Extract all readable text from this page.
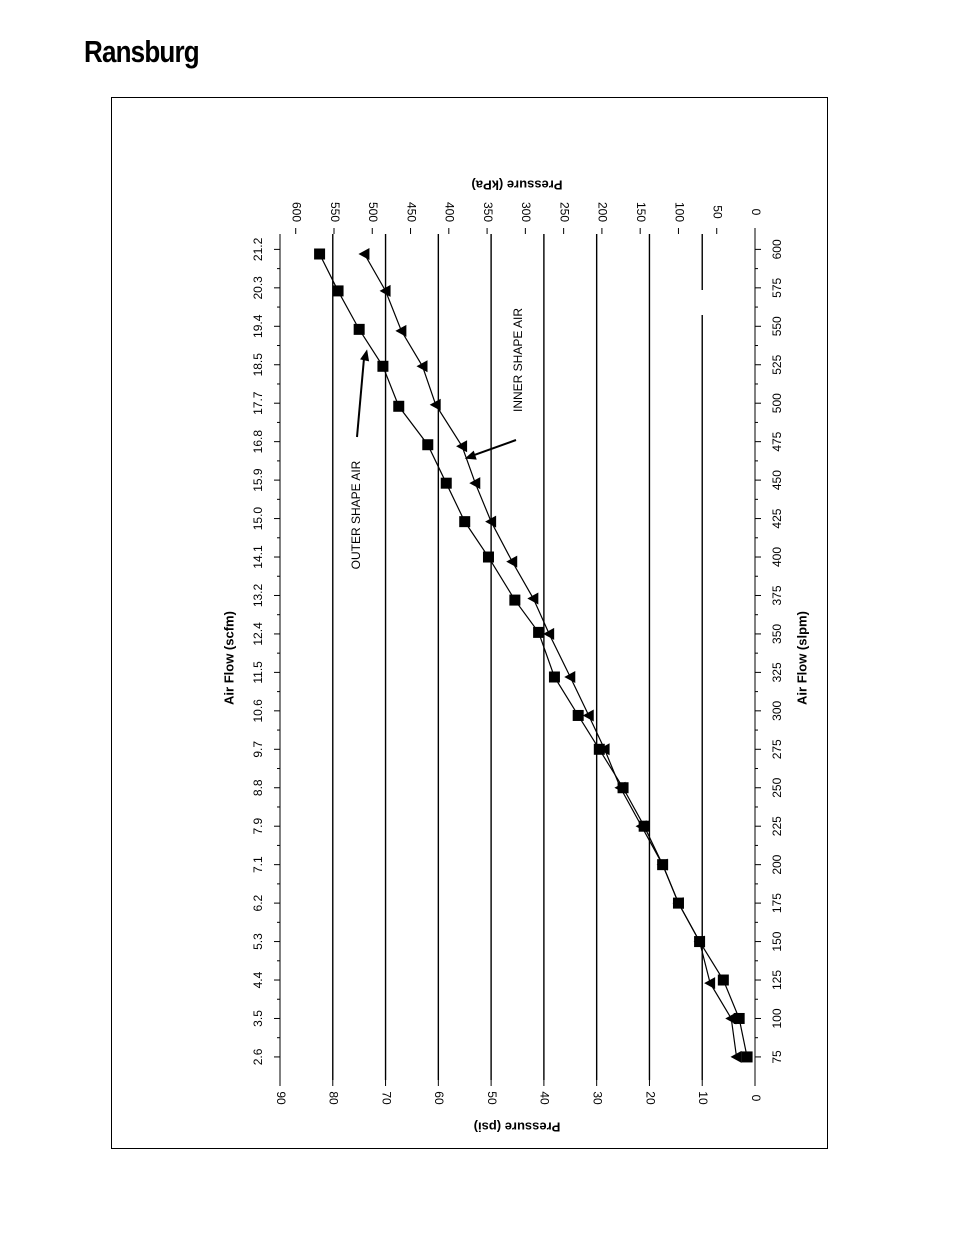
Ransburg
75
100
125
150
175
200
225
250
275
300
325
350
375
400
425
450
475
500
525
550
575
600
2.6
3.5
4.4
5.3
6.2
7.1
7.9
8.8
9.7
10.6
11.5
12.4
13.2
14.1
15.0
15.9
16.8
17.7
18.5
19.4
20.3
21.2
0
10
20
30
40
50
60
70
80
90
0
50
100
150
200
250
300
350
400
450
500
550
600
Air Flow (scfm)	Air Flow (slpm)
Pressure (psi)
Pressure (kPa)
OUTER SHAPE AIR
INNER SHAPE AIR
